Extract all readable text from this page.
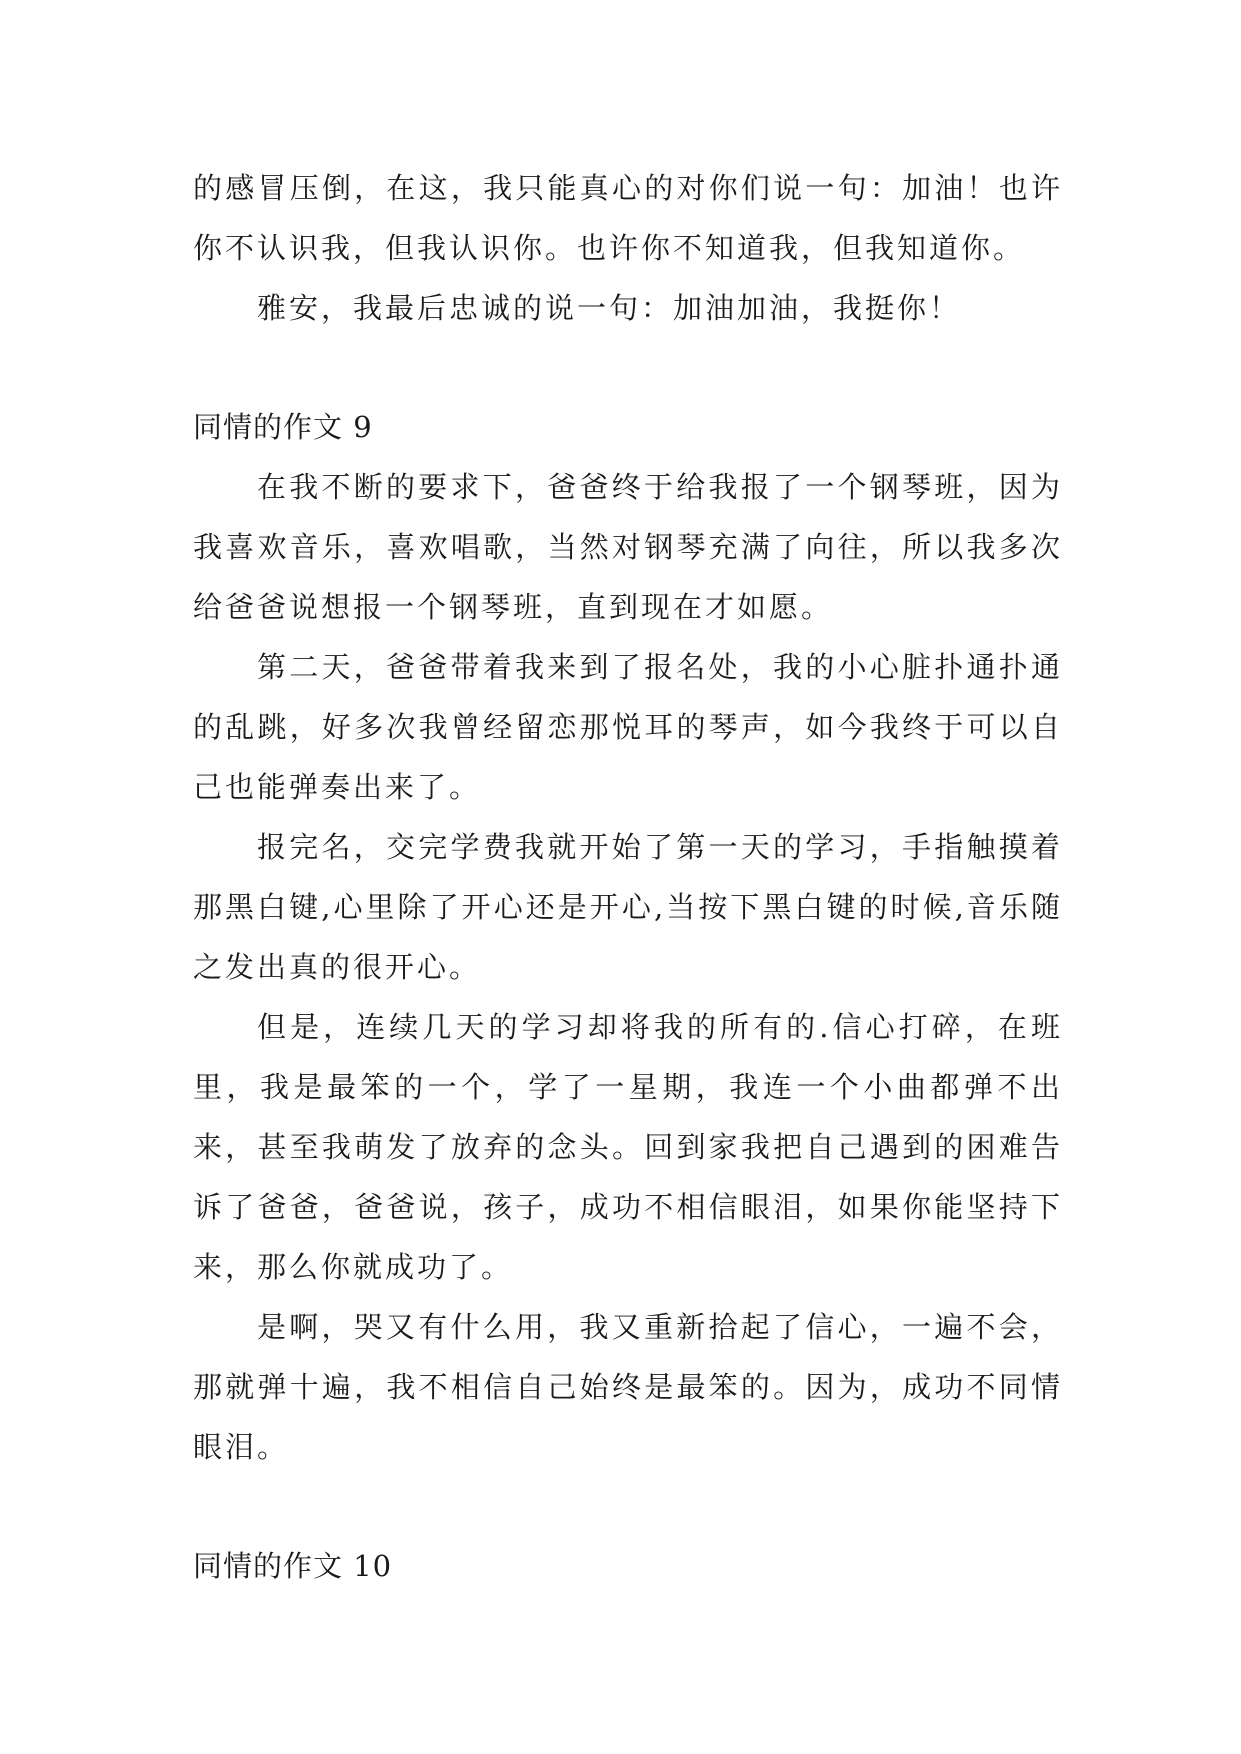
的感冒压倒，在这，我只能真心的对你们说一句：加油！也许你不认识我，但我认识你。也许你不知道我，但我知道你。

雅安，我最后忠诚的说一句：加油加油，我挺你！

同情的作文 9

在我不断的要求下，爸爸终于给我报了一个钢琴班，因为我喜欢音乐，喜欢唱歌，当然对钢琴充满了向往，所以我多次给爸爸说想报一个钢琴班，直到现在才如愿。

第二天，爸爸带着我来到了报名处，我的小心脏扑通扑通的乱跳，好多次我曾经留恋那悦耳的琴声，如今我终于可以自己也能弹奏出来了。

报完名，交完学费我就开始了第一天的学习，手指触摸着那黑白键,心里除了开心还是开心,当按下黑白键的时候,音乐随之发出真的很开心。

但是，连续几天的学习却将我的所有的.信心打碎，在班里，我是最笨的一个，学了一星期，我连一个小曲都弹不出来，甚至我萌发了放弃的念头。回到家我把自己遇到的困难告诉了爸爸，爸爸说，孩子，成功不相信眼泪，如果你能坚持下来，那么你就成功了。

是啊，哭又有什么用，我又重新拾起了信心，一遍不会，那就弹十遍，我不相信自己始终是最笨的。因为，成功不同情眼泪。

同情的作文 10
